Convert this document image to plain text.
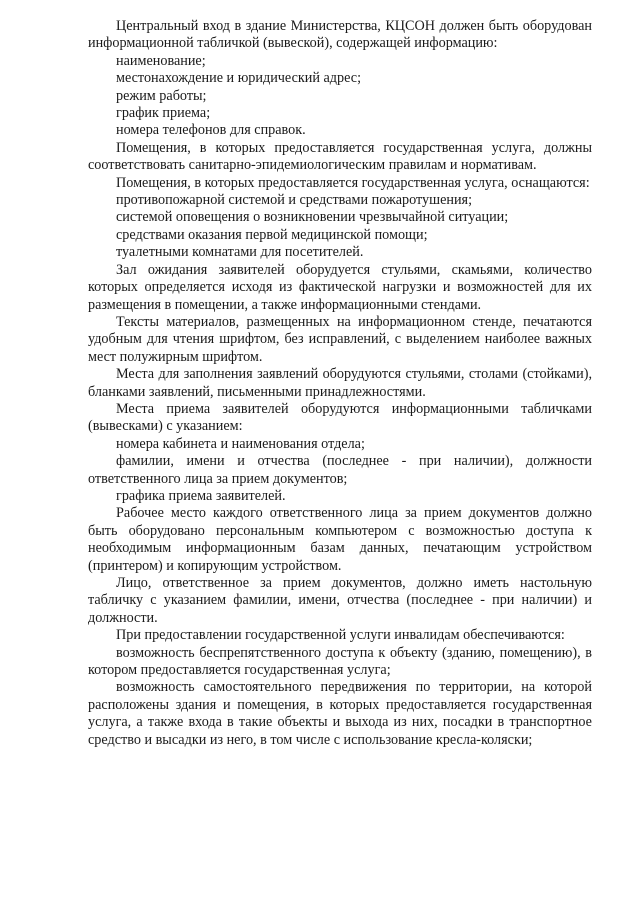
Центральный вход в здание Министерства, КЦСОН должен быть оборудован информационной табличкой (вывеской), содержащей информацию:

наименование;

местонахождение и юридический адрес;

режим работы;

график приема;

номера телефонов для справок.

Помещения, в которых предоставляется государственная услуга, должны соответствовать санитарно-эпидемиологическим правилам и нормативам.

Помещения, в которых предоставляется государственная услуга, оснащаются:

противопожарной системой и средствами пожаротушения;

системой оповещения о возникновении чрезвычайной ситуации;

средствами оказания первой медицинской помощи;

туалетными комнатами для посетителей.

Зал ожидания заявителей оборудуется стульями, скамьями, количество которых определяется исходя из фактической нагрузки и возможностей для их размещения в помещении, а также информационными стендами.

Тексты материалов, размещенных на информационном стенде, печатаются удобным для чтения шрифтом, без исправлений, с выделением наиболее важных мест полужирным шрифтом.

Места для заполнения заявлений оборудуются стульями, столами (стойками), бланками заявлений, письменными принадлежностями.

Места приема заявителей оборудуются информационными табличками (вывесками) с указанием:

номера кабинета и наименования отдела;

фамилии, имени и отчества (последнее - при наличии), должности ответственного лица за прием документов;

графика приема заявителей.

Рабочее место каждого ответственного лица за прием документов должно быть оборудовано персональным компьютером с возможностью доступа к необходимым информационным базам данных, печатающим устройством (принтером) и копирующим устройством.

Лицо, ответственное за прием документов, должно иметь настольную табличку с указанием фамилии, имени, отчества (последнее - при наличии) и должности.

При предоставлении государственной услуги инвалидам обеспечиваются:

возможность беспрепятственного доступа к объекту (зданию, помещению), в котором предоставляется государственная услуга;

возможность самостоятельного передвижения по территории, на которой расположены здания и помещения, в которых предоставляется государственная услуга, а также входа в такие объекты и выхода из них, посадки в транспортное средство и высадки из него, в том числе с использование кресла-коляски;
